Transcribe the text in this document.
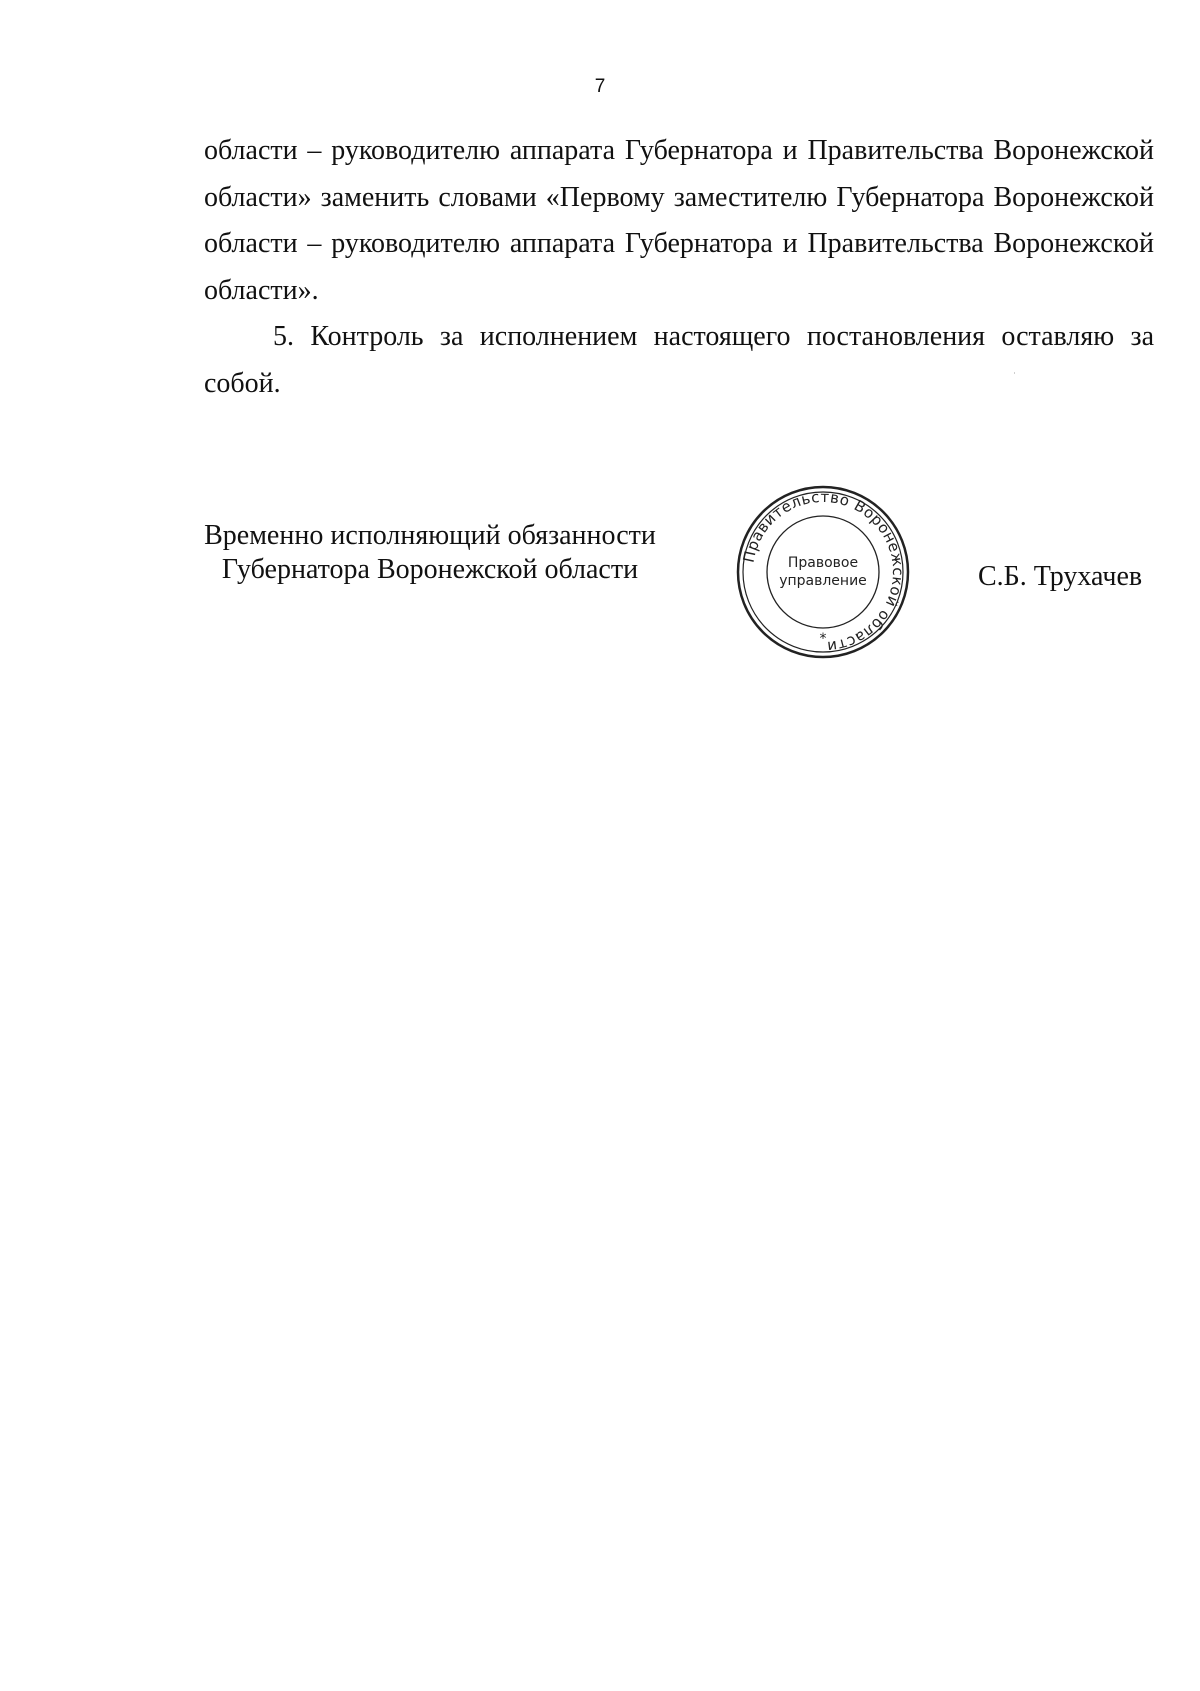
7

области – руководителю аппарата Губернатора и Правительства Воронежской области» заменить словами «Первому заместителю Губернатора Воронежской области – руководителю аппарата Губернатора и Правительства Воронежской области».

5. Контроль за исполнением настоящего постановления оставляю за собой.

Временно исполняющий обязанности
Губернатора Воронежской области	Правительство Воронежской области
Правовое
управление
*
С.Б. Трухачев
